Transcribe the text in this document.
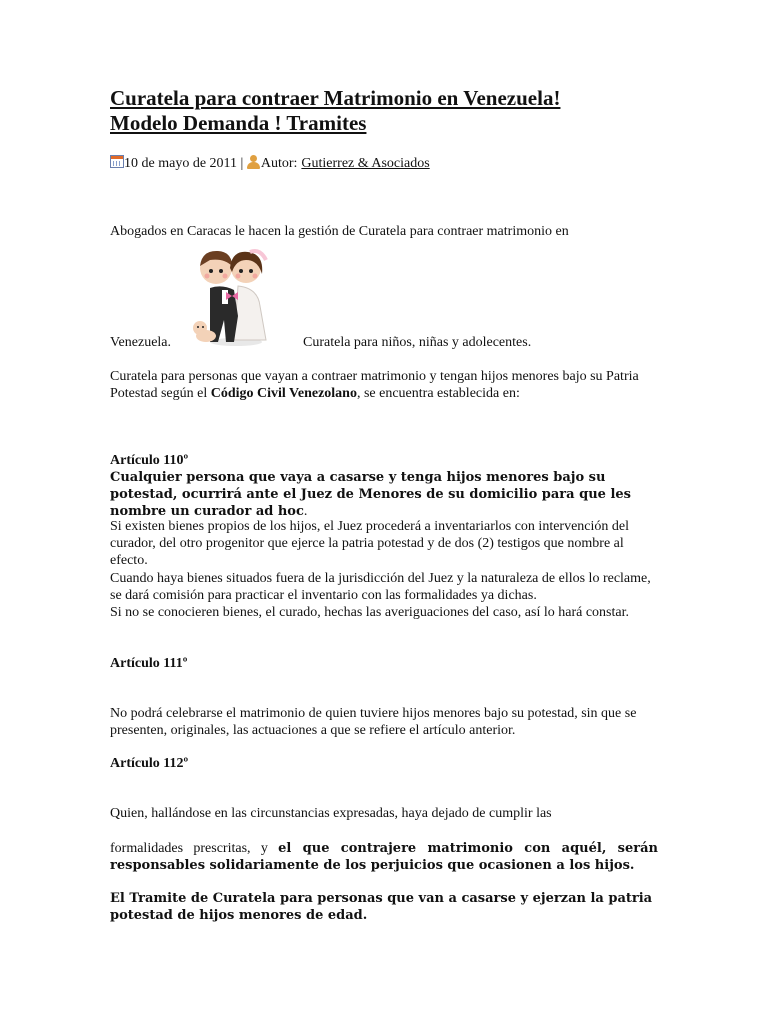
Curatela para contraer Matrimonio en Venezuela!
Modelo Demanda ! Tramites
10 de mayo de 2011 | Autor: Gutierrez & Asociados

Abogados en Caracas le hacen la gestión de Curatela para contraer matrimonio en

Venezuela.	Curatela para niños, niñas y adolecentes.

Curatela para personas que vayan a contraer matrimonio y tengan hijos menores bajo su Patria Potestad según el Código Civil Venezolano, se encuentra establecida en:

Artículo 110º

Cualquier persona que vaya a casarse y tenga hijos menores bajo su potestad, ocurrirá ante el Juez de Menores de su domicilio para que les nombre un curador ad hoc.

Si existen bienes propios de los hijos, el Juez procederá a inventariarlos con intervención del curador, del otro progenitor que ejerce la patria potestad y de dos (2) testigos que nombre al efecto.

Cuando haya bienes situados fuera de la jurisdicción del Juez y la naturaleza de ellos lo reclame, se dará comisión para practicar el inventario con las formalidades ya dichas.

Si no se conocieren bienes, el curado, hechas las averiguaciones del caso, así lo hará constar.

Artículo 111º

No podrá celebrarse el matrimonio de quien tuviere hijos menores bajo su potestad, sin que se presenten, originales, las actuaciones a que se refiere el artículo anterior.

Artículo 112º

Quien, hallándose en las circunstancias expresadas, haya dejado de cumplir las

formalidades prescritas, y el que contrajere matrimonio con aquél, serán responsables solidariamente de los perjuicios que ocasionen a los hijos.

El Tramite de Curatela para personas que van a casarse y ejerzan la patria potestad de hijos menores de edad.
